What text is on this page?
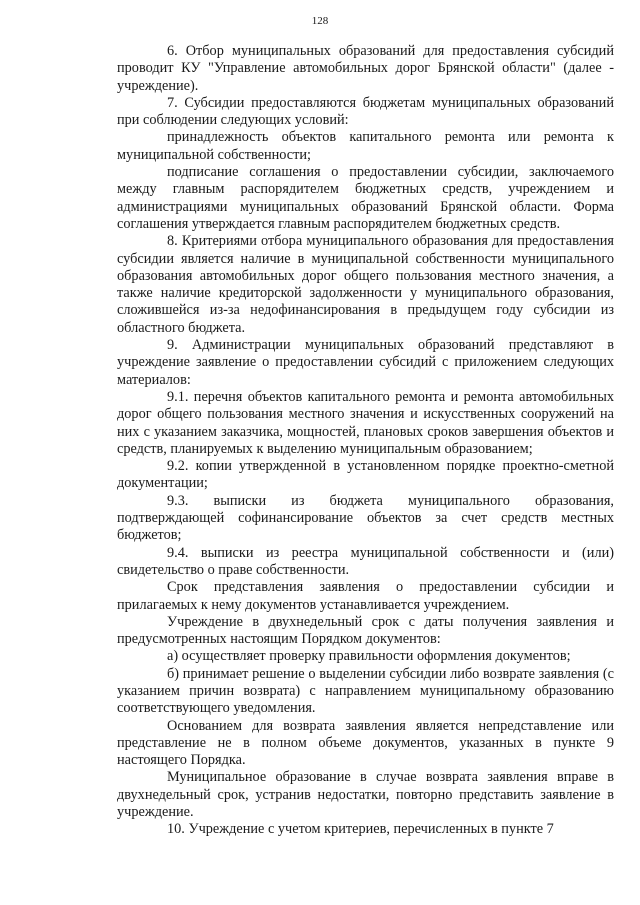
128

6. Отбор муниципальных образований для предоставления субсидий проводит КУ "Управление автомобильных дорог Брянской области" (далее - учреждение).

7. Субсидии предоставляются бюджетам муниципальных образований при соблюдении следующих условий:

принадлежность объектов капитального ремонта или ремонта к муниципальной собственности;

подписание соглашения о предоставлении субсидии, заключаемого между главным распорядителем бюджетных средств, учреждением и администрациями муниципальных образований Брянской области. Форма соглашения утверждается главным распорядителем бюджетных средств.

8. Критериями отбора муниципального образования для предоставления субсидии является наличие в муниципальной собственности муниципального образования автомобильных дорог общего пользования местного значения, а также наличие кредиторской задолженности у муниципального образования, сложившейся из-за недофинансирования в предыдущем году субсидии из областного бюджета.

9. Администрации муниципальных образований представляют в учреждение заявление о предоставлении субсидий с приложением следующих материалов:

9.1. перечня объектов капитального ремонта и ремонта автомобильных дорог общего пользования местного значения и искусственных сооружений на них с указанием заказчика, мощностей, плановых сроков завершения объектов и средств, планируемых к выделению муниципальным образованием;

9.2. копии утвержденной в установленном порядке проектно-сметной документации;

9.3. выписки из бюджета муниципального образования, подтверждающей софинансирование объектов за счет средств местных бюджетов;

9.4. выписки из реестра муниципальной собственности и (или) свидетельство о праве собственности.

Срок представления заявления о предоставлении субсидии и прилагаемых к нему документов устанавливается учреждением.

Учреждение в двухнедельный срок с даты получения заявления и предусмотренных настоящим Порядком документов:

а) осуществляет проверку правильности оформления документов;

б) принимает решение о выделении субсидии либо возврате заявления (с указанием причин возврата) с направлением муниципальному образованию соответствующего уведомления.

Основанием для возврата заявления является непредставление или представление не в полном объеме документов, указанных в пункте 9 настоящего Порядка.

Муниципальное образование в случае возврата заявления вправе в двухнедельный срок, устранив недостатки, повторно представить заявление в учреждение.

10. Учреждение с учетом критериев, перечисленных в пункте 7
